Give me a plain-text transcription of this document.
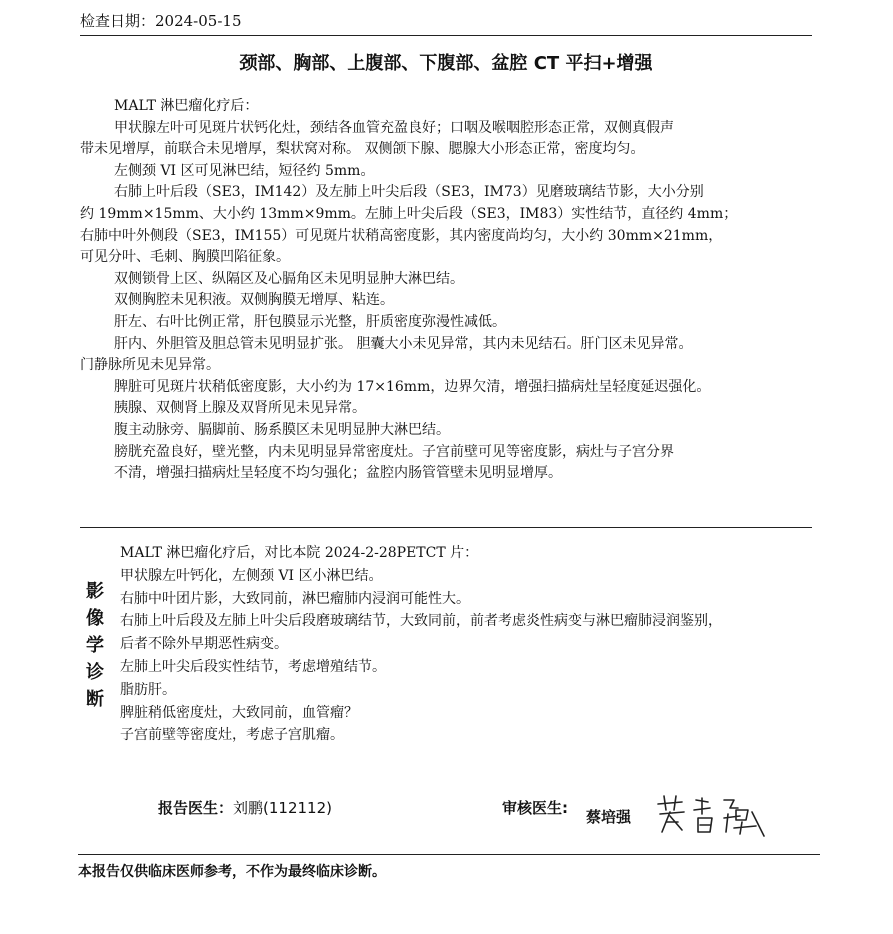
检查日期：2024-05-15
颈部、胸部、上腹部、下腹部、盆腔 CT 平扫+增强

MALT 淋巴瘤化疗后：

甲状腺左叶可见斑片状钙化灶，颈结各血管充盈良好；口咽及喉咽腔形态正常，双侧真假声

带未见增厚，前联合未见增厚，梨状窝对称。 双侧颌下腺、腮腺大小形态正常，密度均匀。

左侧颈 VI 区可见淋巴结，短径约 5mm。

右肺上叶后段（SE3，IM142）及左肺上叶尖后段（SE3，IM73）见磨玻璃结节影，大小分别

约 19mm×15mm、大小约 13mm×9mm。左肺上叶尖后段（SE3，IM83）实性结节，直径约 4mm；

右肺中叶外侧段（SE3，IM155）可见斑片状稍高密度影，其内密度尚均匀，大小约 30mm×21mm，

可见分叶、毛刺、胸膜凹陷征象。

双侧锁骨上区、纵隔区及心膈角区未见明显肿大淋巴结。

双侧胸腔未见积液。双侧胸膜无增厚、粘连。

肝左、右叶比例正常，肝包膜显示光整，肝质密度弥漫性减低。

肝内、外胆管及胆总管未见明显扩张。 胆囊大小未见异常，其内未见结石。肝门区未见异常。

门静脉所见未见异常。

脾脏可见斑片状稍低密度影，大小约为 17×16mm，边界欠清，增强扫描病灶呈轻度延迟强化。

胰腺、双侧肾上腺及双肾所见未见异常。

腹主动脉旁、膈脚前、肠系膜区未见明显肿大淋巴结。

膀胱充盈良好，壁光整，内未见明显异常密度灶。子宫前壁可见等密度影，病灶与子宫分界

不清，增强扫描病灶呈轻度不均匀强化；盆腔内肠管管壁未见明显增厚。

影
像
学
诊
断

MALT 淋巴瘤化疗后，对比本院 2024-2-28PETCT 片：

甲状腺左叶钙化，左侧颈 VI 区小淋巴结。

右肺中叶团片影，大致同前，淋巴瘤肺内浸润可能性大。

右肺上叶后段及左肺上叶尖后段磨玻璃结节，大致同前，前者考虑炎性病变与淋巴瘤肺浸润鉴别，

后者不除外早期恶性病变。

左肺上叶尖后段实性结节，考虑增殖结节。

脂肪肝。

脾脏稍低密度灶，大致同前，血管瘤？

子宫前壁等密度灶，考虑子宫肌瘤。

报告医生：刘鹏(112112)	审核医生: 蔡培强
本报告仅供临床医师参考，不作为最终临床诊断。
